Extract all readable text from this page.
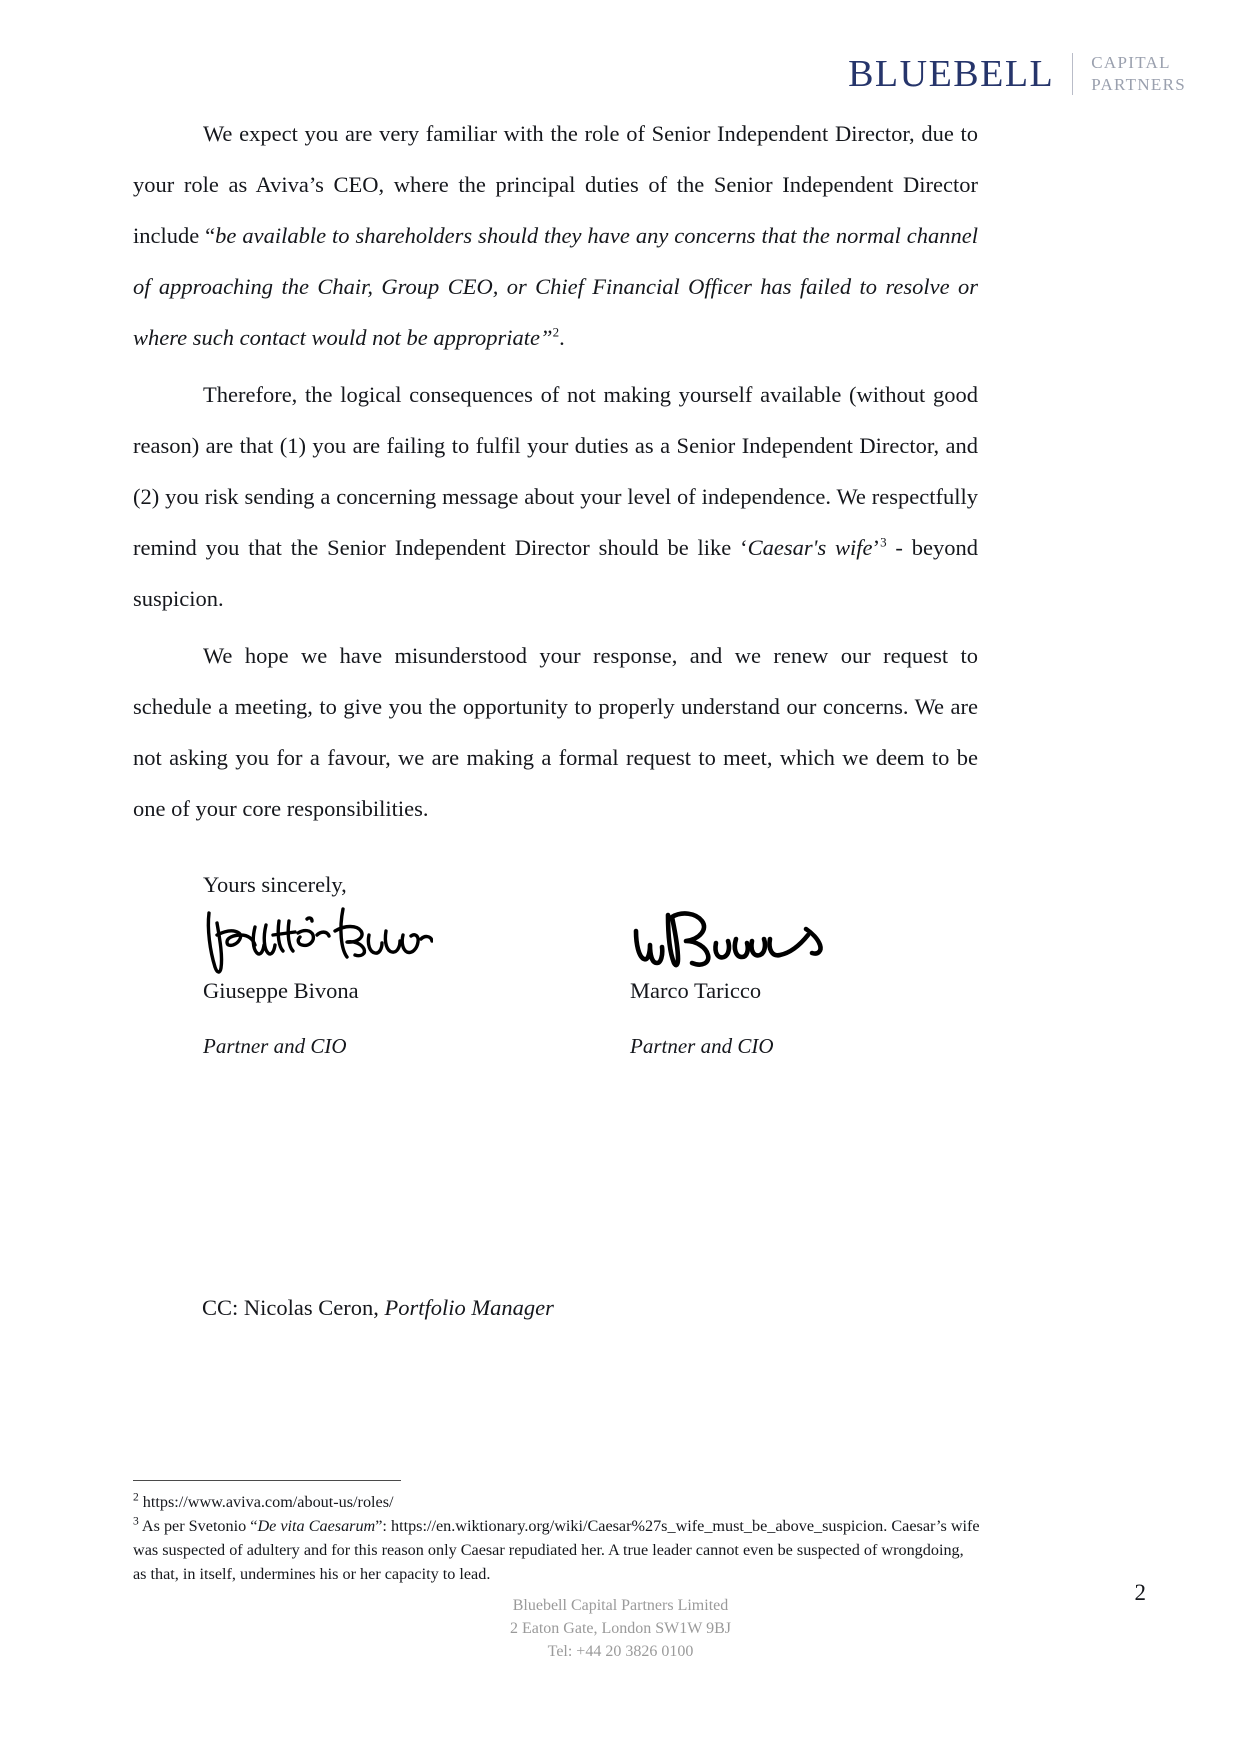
BLUEBELL CAPITAL
PARTNERS

We expect you are very familiar with the role of Senior Independent Director, due to your role as Aviva’s CEO, where the principal duties of the Senior Independent Director include “be available to shareholders should they have any concerns that the normal channel of approaching the Chair, Group CEO, or Chief Financial Officer has failed to resolve or where such contact would not be appropriate”$^2$.

Therefore, the logical consequences of not making yourself available (without good reason) are that (1) you are failing to fulfil your duties as a Senior Independent Director, and (2) you risk sending a concerning message about your level of independence. We respectfully remind you that the Senior Independent Director should be like ‘Caesar's wife’$^3$ - beyond suspicion.

We hope we have misunderstood your response, and we renew our request to schedule a meeting, to give you the opportunity to properly understand our concerns. We are not asking you for a favour, we are making a formal request to meet, which we deem to be one of your core responsibilities.

Yours sincerely,
Giuseppe Bivona
Partner and CIO
Marco Taricco
Partner and CIO
CC: Nicolas Ceron, Portfolio Manager

$^2$ https://www.aviva.com/about-us/roles/

$^3$ As per Svetonio “De vita Caesarum”: https://en.wiktionary.org/wiki/Caesar%27s_wife_must_be_above_suspicion. Caesar’s wife was suspected of adultery and for this reason only Caesar repudiated her. A true leader cannot even be suspected of wrongdoing, as that, in itself, undermines his or her capacity to lead.

2
Bluebell Capital Partners Limited
2 Eaton Gate, London SW1W 9BJ
Tel: +44 20 3826 0100
